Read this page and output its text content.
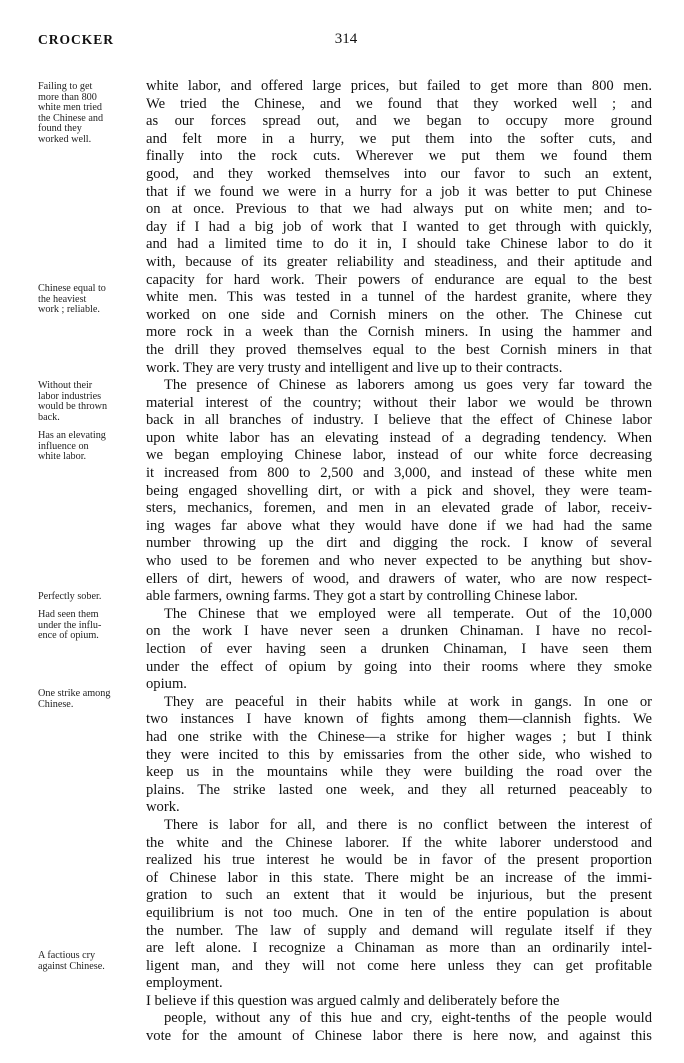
CROCKER	314
Failing to get
more than 800
white men tried
the Chinese and
found they
worked well.
Chinese equal to
the heaviest
work ; reliable.
Without their
labor industries
would be thrown
back.
Has an elevating
influence on
white labor.
Perfectly sober.
Had seen them
under the influ-
ence of opium.
One strike among
Chinese.
A factious cry
against Chinese.
white labor, and offered large prices, but failed to get more than 800 men.
We tried the Chinese, and we found that they worked well ; and
as our forces spread out, and we began to occupy more ground
and felt more in a hurry, we put them into the softer cuts, and
finally into the rock cuts. Wherever we put them we found them
good, and they worked themselves into our favor to such an extent,
that if we found we were in a hurry for a job it was better to put Chinese
on at once. Previous to that we had always put on white men; and to-
day if I had a big job of work that I wanted to get through with quickly,
and had a limited time to do it in, I should take Chinese labor to do it
with, because of its greater reliability and steadiness, and their aptitude and
capacity for hard work. Their powers of endurance are equal to the best
white men. This was tested in a tunnel of the hardest granite, where they
worked on one side and Cornish miners on the other. The Chinese cut
more rock in a week than the Cornish miners. In using the hammer and
the drill they proved themselves equal to the best Cornish miners in that
work. They are very trusty and intelligent and live up to their contracts.
The presence of Chinese as laborers among us goes very far toward the
material interest of the country; without their labor we would be thrown
back in all branches of industry. I believe that the effect of Chinese labor
upon white labor has an elevating instead of a degrading tendency. When
we began employing Chinese labor, instead of our white force decreasing
it increased from 800 to 2,500 and 3,000, and instead of these white men
being engaged shovelling dirt, or with a pick and shovel, they were team-
sters, mechanics, foremen, and men in an elevated grade of labor, receiv-
ing wages far above what they would have done if we had had the same
number throwing up the dirt and digging the rock. I know of several
who used to be foremen and who never expected to be anything but shov-
ellers of dirt, hewers of wood, and drawers of water, who are now respect-
able farmers, owning farms. They got a start by controlling Chinese labor.
The Chinese that we employed were all temperate. Out of the 10,000
on the work I have never seen a drunken Chinaman. I have no recol-
lection of ever having seen a drunken Chinaman, I have seen them
under the effect of opium by going into their rooms where they smoke
opium.
They are peaceful in their habits while at work in gangs. In one or
two instances I have known of fights among them—clannish fights. We
had one strike with the Chinese—a strike for higher wages ; but I think
they were incited to this by emissaries from the other side, who wished to
keep us in the mountains while they were building the road over the
plains. The strike lasted one week, and they all returned peaceably to
work.
There is labor for all, and there is no conflict between the interest of
the white and the Chinese laborer. If the white laborer understood and
realized his true interest he would be in favor of the present proportion
of Chinese labor in this state. There might be an increase of the immi-
gration to such an extent that it would be injurious, but the present
equilibrium is not too much. One in ten of the entire population is about
the number. The law of supply and demand will regulate itself if they
are left alone. I recognize a Chinaman as more than an ordinarily intel-
ligent man, and they will not come here unless they can get profitable
employment.
I believe if this question was argued calmly and deliberately before the
people, without any of this hue and cry, eight-tenths of the people would
vote for the amount of Chinese labor there is here now, and against this
